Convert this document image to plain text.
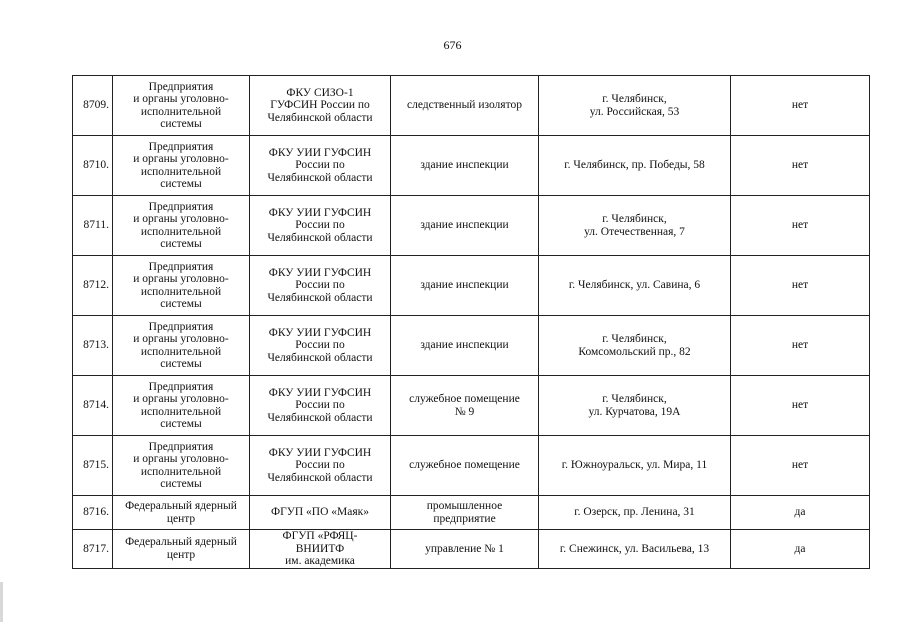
676
8709.	Предприятия
и органы уголовно-
исполнительной
системы	ФКУ СИЗО-1
ГУФСИН России по
Челябинской области	следственный изолятор	г. Челябинск,
ул. Российская, 53	нет
8710.	Предприятия
и органы уголовно-
исполнительной
системы	ФКУ УИИ ГУФСИН
России по
Челябинской области	здание инспекции	г. Челябинск, пр. Победы, 58	нет
8711.	Предприятия
и органы уголовно-
исполнительной
системы	ФКУ УИИ ГУФСИН
России по
Челябинской области	здание инспекции	г. Челябинск,
ул. Отечественная, 7	нет
8712.	Предприятия
и органы уголовно-
исполнительной
системы	ФКУ УИИ ГУФСИН
России по
Челябинской области	здание инспекции	г. Челябинск, ул. Савина, 6	нет
8713.	Предприятия
и органы уголовно-
исполнительной
системы	ФКУ УИИ ГУФСИН
России по
Челябинской области	здание инспекции	г. Челябинск,
Комсомольский пр., 82	нет
8714.	Предприятия
и органы уголовно-
исполнительной
системы	ФКУ УИИ ГУФСИН
России по
Челябинской области	служебное помещение
№ 9	г. Челябинск,
ул. Курчатова, 19А	нет
8715.	Предприятия
и органы уголовно-
исполнительной
системы	ФКУ УИИ ГУФСИН
России по
Челябинской области	служебное помещение	г. Южноуральск, ул. Мира, 11	нет
8716.	Федеральный ядерный
центр	ФГУП «ПО «Маяк»	промышленное
предприятие	г. Озерск, пр. Ленина, 31	да
8717.	Федеральный ядерный
центр	ФГУП «РФЯЦ-
ВНИИТФ
им. академика	управление № 1	г. Снежинск, ул. Васильева, 13	да
